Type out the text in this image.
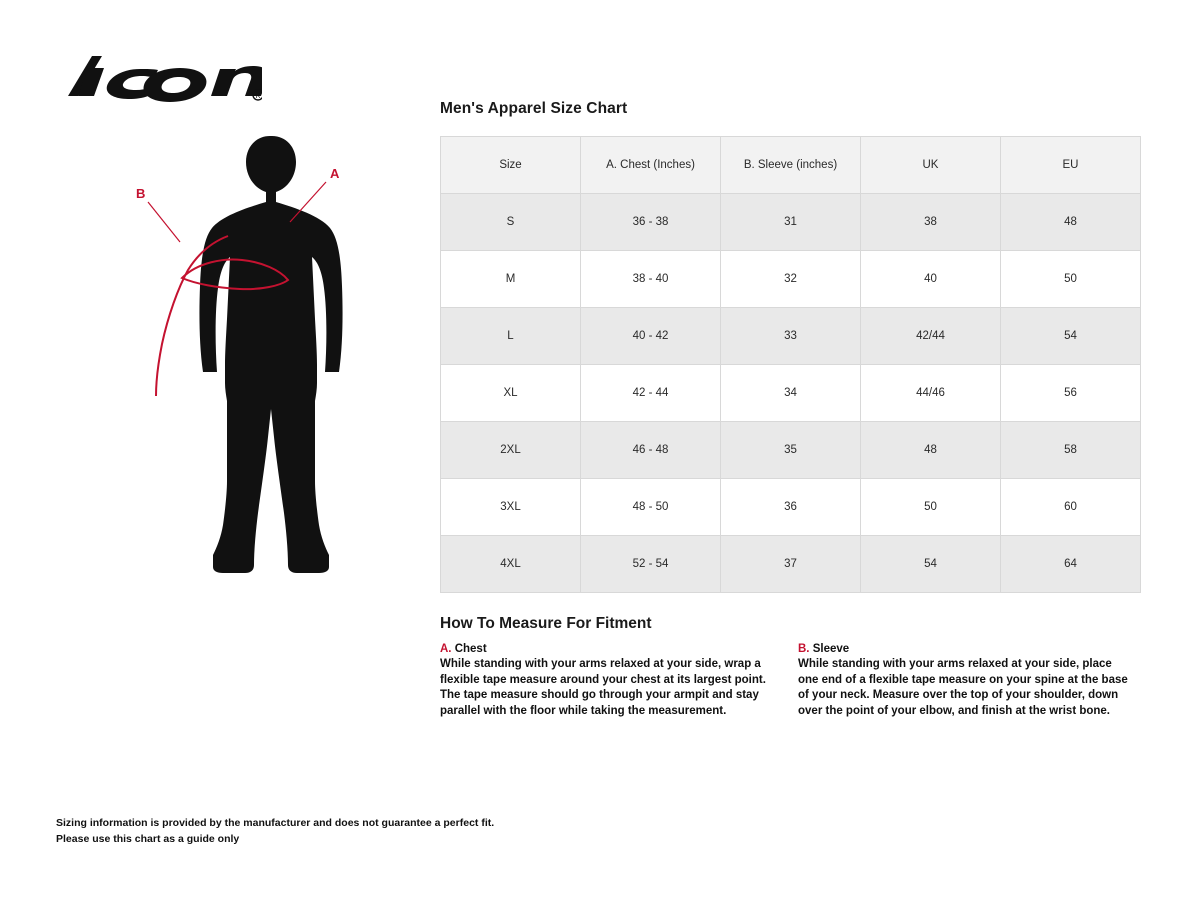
R
A
B
Men's Apparel Size Chart
Size	A. Chest (Inches)	B. Sleeve (inches)	UK	EU
S	36 - 38	31	38	48
M	38 - 40	32	40	50
L	40 - 42	33	42/44	54
XL	42 - 44	34	44/46	56
2XL	46 - 48	35	48	58
3XL	48 - 50	36	50	60
4XL	52 - 54	37	54	64
How To Measure For Fitment
A. Chest
While standing with your arms relaxed at your side, wrap a flexible tape measure around your chest at its largest point. The tape measure should go through your armpit and stay parallel with the floor while taking the measurement.
B. Sleeve
While standing with your arms relaxed at your side, place one end of a flexible tape measure on your spine at the base of your neck. Measure over the top of your shoulder, down over the point of your elbow, and finish at the wrist bone.
Sizing information is provided by the manufacturer and does not guarantee a perfect fit.
Please use this chart as a guide only
